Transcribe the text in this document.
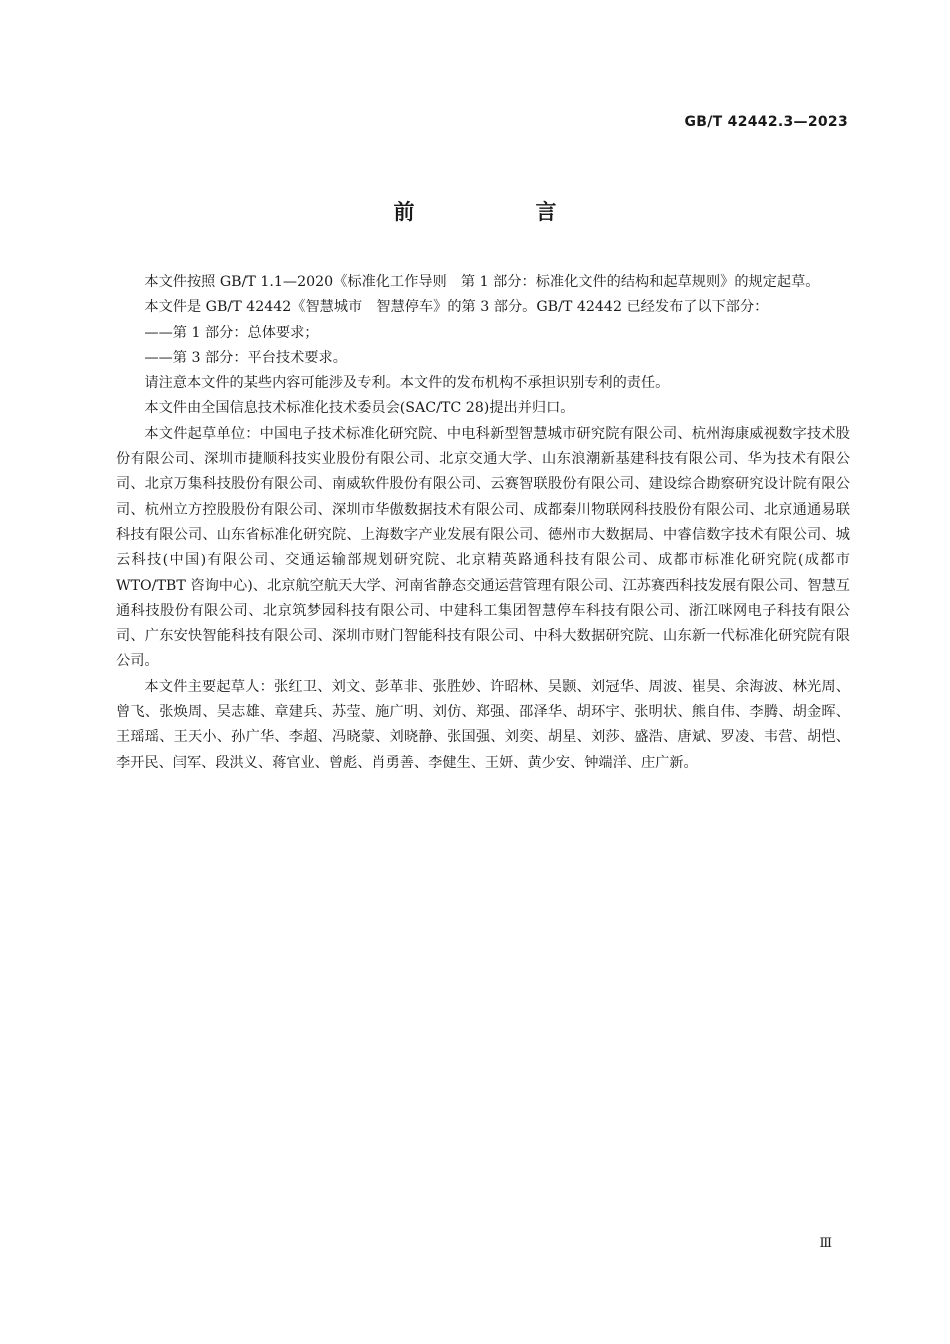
GB/T 42442.3—2023
前　言

本文件按照 GB/T 1.1—2020《标准化工作导则　第 1 部分：标准化文件的结构和起草规则》的规定起草。

本文件是 GB/T 42442《智慧城市　智慧停车》的第 3 部分。GB/T 42442 已经发布了以下部分：

——第 1 部分：总体要求；

——第 3 部分：平台技术要求。

请注意本文件的某些内容可能涉及专利。本文件的发布机构不承担识别专利的责任。

本文件由全国信息技术标准化技术委员会(SAC/TC 28)提出并归口。

本文件起草单位：中国电子技术标准化研究院、中电科新型智慧城市研究院有限公司、杭州海康威视数字技术股份有限公司、深圳市捷顺科技实业股份有限公司、北京交通大学、山东浪潮新基建科技有限公司、华为技术有限公司、北京万集科技股份有限公司、南威软件股份有限公司、云赛智联股份有限公司、建设综合勘察研究设计院有限公司、杭州立方控股股份有限公司、深圳市华傲数据技术有限公司、成都秦川物联网科技股份有限公司、北京通通易联科技有限公司、山东省标准化研究院、上海数字产业发展有限公司、德州市大数据局、中睿信数字技术有限公司、城云科技(中国)有限公司、交通运输部规划研究院、北京精英路通科技有限公司、成都市标准化研究院(成都市 WTO/TBT 咨询中心)、北京航空航天大学、河南省静态交通运营管理有限公司、江苏赛西科技发展有限公司、智慧互通科技股份有限公司、北京筑梦园科技有限公司、中建科工集团智慧停车科技有限公司、浙江咪网电子科技有限公司、广东安快智能科技有限公司、深圳市财门智能科技有限公司、中科大数据研究院、山东新一代标准化研究院有限公司。

本文件主要起草人：张红卫、刘文、彭革非、张胜妙、许昭林、吴颢、刘冠华、周波、崔昊、余海波、林光周、曾飞、张焕周、吴志雄、章建兵、苏莹、施广明、刘仿、郑强、邵泽华、胡环宇、张明状、熊自伟、李腾、胡金晖、王瑶瑶、王天小、孙广华、李超、冯晓蒙、刘晓静、张国强、刘奕、胡星、刘莎、盛浩、唐斌、罗凌、韦营、胡恺、李开民、闫军、段洪义、蒋官业、曾彪、肖勇善、李健生、王妍、黄少安、钟端洋、庄广新。

Ⅲ
